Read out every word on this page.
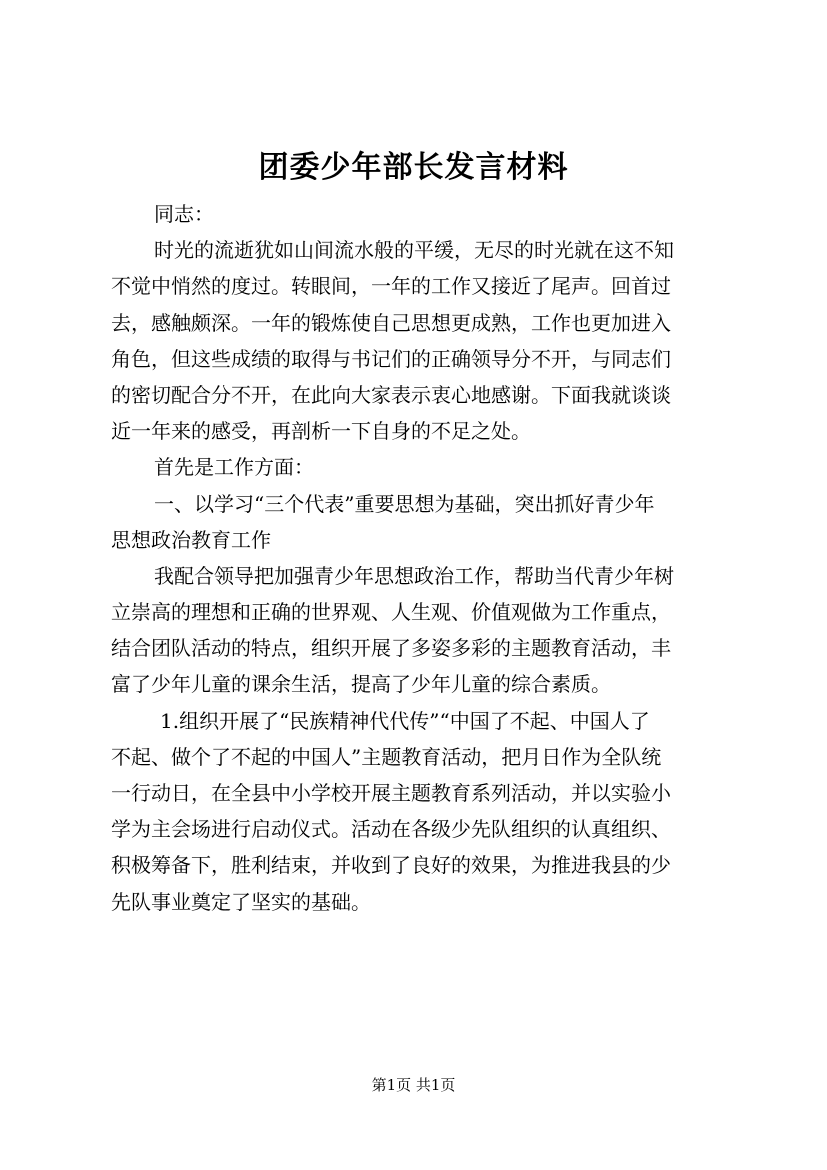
团委少年部长发言材料
同志：
时光的流逝犹如山间流水般的平缓，无尽的时光就在这不知
不觉中悄然的度过。转眼间，一年的工作又接近了尾声。回首过
去，感触颇深。一年的锻炼使自己思想更成熟，工作也更加进入
角色，但这些成绩的取得与书记们的正确领导分不开，与同志们
的密切配合分不开，在此向大家表示衷心地感谢。下面我就谈谈
近一年来的感受，再剖析一下自身的不足之处。
首先是工作方面：
一、以学习“三个代表”重要思想为基础，突出抓好青少年
思想政治教育工作
我配合领导把加强青少年思想政治工作，帮助当代青少年树
立崇高的理想和正确的世界观、人生观、价值观做为工作重点，
结合团队活动的特点，组织开展了多姿多彩的主题教育活动，丰
富了少年儿童的课余生活，提高了少年儿童的综合素质。
1.组织开展了“民族精神代代传”“中国了不起、中国人了
不起、做个了不起的中国人”主题教育活动，把月日作为全队统
一行动日，在全县中小学校开展主题教育系列活动，并以实验小
学为主会场进行启动仪式。活动在各级少先队组织的认真组织、
积极筹备下，胜利结束，并收到了良好的效果，为推进我县的少
先队事业奠定了坚实的基础。
第1页 共1页
